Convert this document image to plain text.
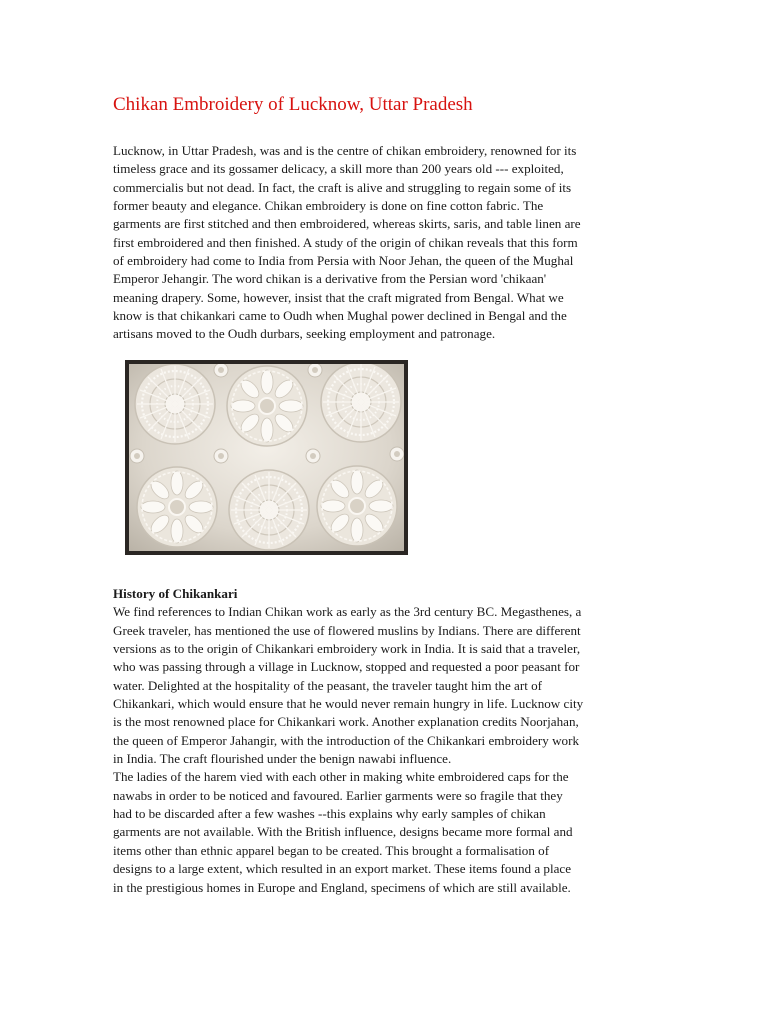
Chikan Embroidery of Lucknow, Uttar Pradesh

Lucknow, in Uttar Pradesh, was and is the centre of chikan embroidery, renowned for its
timeless grace and its gossamer delicacy, a skill more than 200 years old --- exploited,
commercialis but not dead. In fact, the craft is alive and struggling to regain some of its
former beauty and elegance. Chikan embroidery is done on fine cotton fabric. The
garments are first stitched and then embroidered, whereas skirts, saris, and table linen are
first embroidered and then finished. A study of the origin of chikan reveals that this form
of embroidery had come to India from Persia with Noor Jehan, the queen of the Mughal
Emperor Jehangir. The word chikan is a derivative from the Persian word 'chikaan'
meaning drapery. Some, however, insist that the craft migrated from Bengal. What we
know is that chikankari came to Oudh when Mughal power declined in Bengal and the
artisans moved to the Oudh durbars, seeking employment and patronage.

History of Chikankari

We find references to Indian Chikan work as early as the 3rd century BC. Megasthenes, a
Greek traveler, has mentioned the use of flowered muslins by Indians. There are different
versions as to the origin of Chikankari embroidery work in India. It is said that a traveler,
who was passing through a village in Lucknow, stopped and requested a poor peasant for
water. Delighted at the hospitality of the peasant, the traveler taught him the art of
Chikankari, which would ensure that he would never remain hungry in life. Lucknow city
is the most renowned place for Chikankari work. Another explanation credits Noorjahan,
the queen of Emperor Jahangir, with the introduction of the Chikankari embroidery work
in India. The craft flourished under the benign nawabi influence.
The ladies of the harem vied with each other in making white embroidered caps for the
nawabs in order to be noticed and favoured. Earlier garments were so fragile that they
had to be discarded after a few washes --this explains why early samples of chikan
garments are not available. With the British influence, designs became more formal and
items other than ethnic apparel began to be created. This brought a formalisation of
designs to a large extent, which resulted in an export market. These items found a place
in the prestigious homes in Europe and England, specimens of which are still available.
